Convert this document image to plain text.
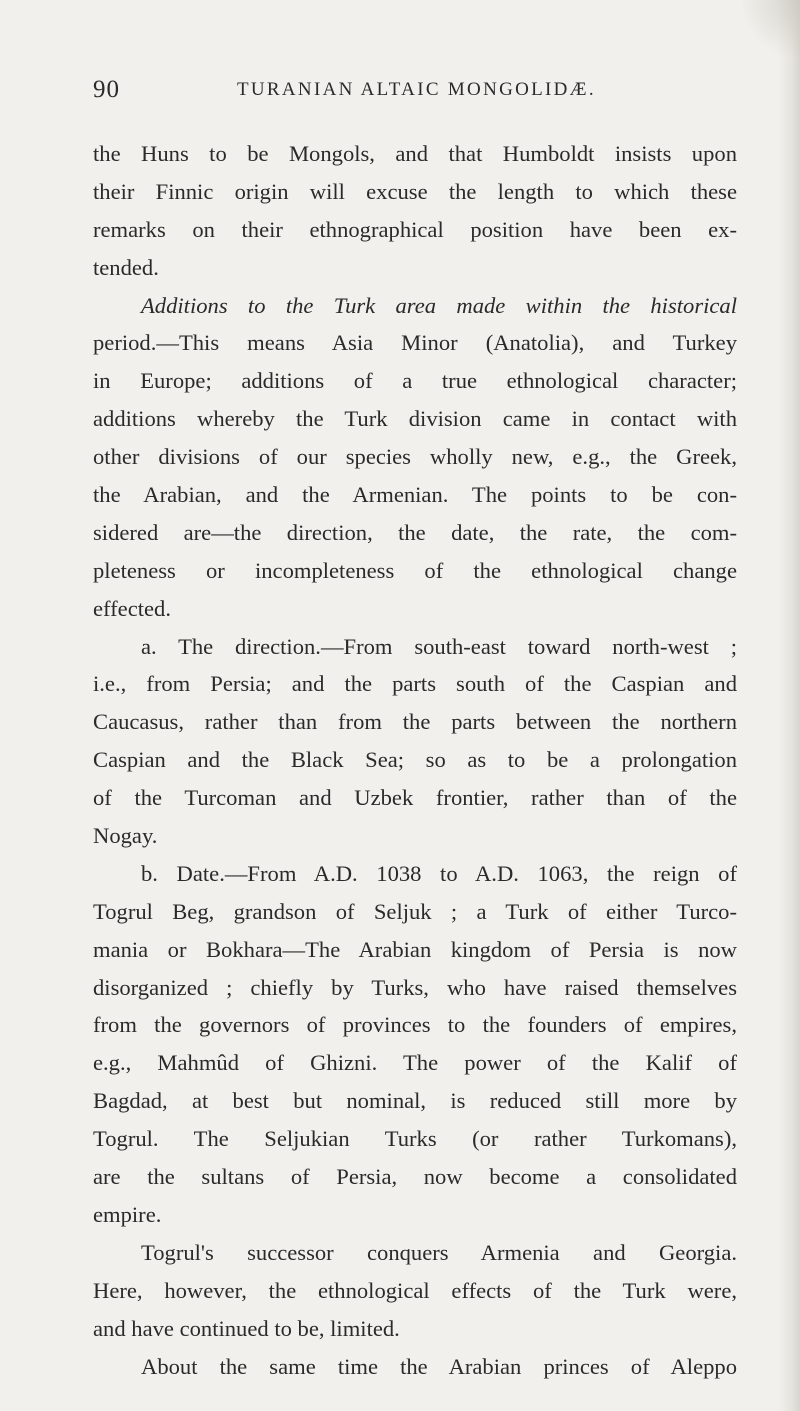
90	TURANIAN ALTAIC MONGOLIDÆ.
the Huns to be Mongols, and that Humboldt insists upon
their Finnic origin will excuse the length to which these
remarks on their ethnographical position have been ex-
tended.
Additions to the Turk area made within the historical
period.—This means Asia Minor (Anatolia), and Turkey
in Europe; additions of a true ethnological character;
additions whereby the Turk division came in contact with
other divisions of our species wholly new, e.g., the Greek,
the Arabian, and the Armenian. The points to be con-
sidered are—the direction, the date, the rate, the com-
pleteness or incompleteness of the ethnological change
effected.
a. The direction.—From south-east toward north-west ;
i.e., from Persia; and the parts south of the Caspian and
Caucasus, rather than from the parts between the northern
Caspian and the Black Sea; so as to be a prolongation
of the Turcoman and Uzbek frontier, rather than of the
Nogay.
b. Date.—From A.D. 1038 to A.D. 1063, the reign of
Togrul Beg, grandson of Seljuk ; a Turk of either Turco-
mania or Bokhara—The Arabian kingdom of Persia is now
disorganized ; chiefly by Turks, who have raised themselves
from the governors of provinces to the founders of empires,
e.g., Mahmûd of Ghizni. The power of the Kalif of
Bagdad, at best but nominal, is reduced still more by
Togrul. The Seljukian Turks (or rather Turkomans),
are the sultans of Persia, now become a consolidated
empire.
Togrul's successor conquers Armenia and Georgia.
Here, however, the ethnological effects of the Turk were,
and have continued to be, limited.
About the same time the Arabian princes of Aleppo
